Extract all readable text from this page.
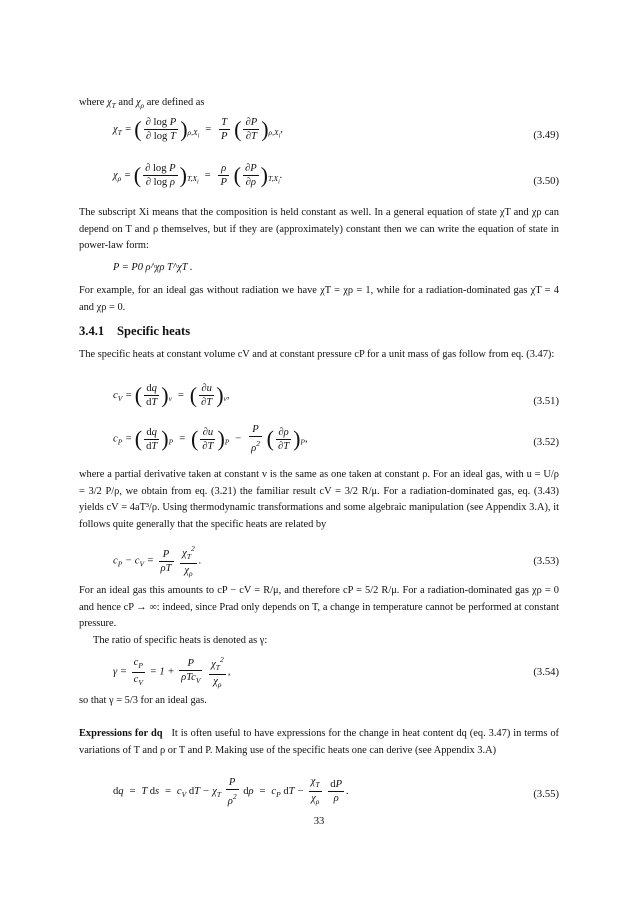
where $\chi_T$ and $\chi_\rho$ are defined as
$\chi_T$ = ( $\frac{\text{∂ log P}}{\text{∂ log T}} )_{\rho,X_i} = \frac{T}{P}$ ( $\frac{\partial P}{\partial T} )_{\rho,X_i}$,
(3.49)
$\chi_\rho$ = ( $\frac{\text{∂ log P}}{\text{∂ log ρ}} )_{T,X_i} = \frac{\rho}{P}$ ( $\frac{\partial P}{\partial\rho} )_{T,X_i}$.
(3.50)
The subscript Xi means that the composition is held constant as well. In a general equation of state χT and χρ can depend on T and ρ themselves, but if they are (approximately) constant then we can write the equation of state in power-law form:
P = P0 ρ^χρ T^χT .
For example, for an ideal gas without radiation we have χT = χρ = 1, while for a radiation-dominated gas χT = 4 and χρ = 0.
3.4.1 Specific heats
The specific heats at constant volume cV and at constant pressure cP for a unit mass of gas follow from eq. (3.47):
$c_V$ = ( $\frac{dq}{dT} )_v$  =  ( $\frac{\partial u}{\partial T} )_v$,
(3.51)
$c_P$ = ( $\frac{dq}{dT} )_P$  =  ( $\frac{\partial u}{\partial T} )_P - \frac{P}{\rho^2}$ ( $\frac{\partial\rho}{\partial T} )_P$,	(3.52)
where a partial derivative taken at constant v is the same as one taken at constant ρ. For an ideal gas, with u = U/ρ = 3/2 P/ρ, we obtain from eq. (3.21) the familiar result cV = 3/2 R/μ. For a radiation-dominated gas, eq. (3.43) yields cV = 4aT³/ρ. Using thermodynamic transformations and some algebraic manipulation (see Appendix 3.A), it follows quite generally that the specific heats are related by
$c_P - c_V = \frac{P}{\rho T}$
$\frac{\chi_T^2}{\chi_\rho}$ .	(3.53)
For an ideal gas this amounts to cP − cV = R/μ, and therefore cP = 5/2 R/μ. For a radiation-dominated gas χρ = 0 and hence cP → ∞: indeed, since Prad only depends on T, a change in temperature cannot be performed at constant pressure.
The ratio of specific heats is denoted as γ:
$\gamma = \frac{c_P}{c_V} = 1 + \frac{P}{\rho Tc_V}$
$\frac{\chi_T^2}{\chi_\rho}$ ,	(3.54)
so that γ = 5/3 for an ideal gas.
Expressions for dq It is often useful to have expressions for the change in heat content dq (eq. 3.47) in terms of variations of T and ρ or T and P. Making use of the specific heats one can derive (see Appendix 3.A)
dq  =  T ds  =  $c_V$ dT − $\chi_T \frac{P}{\rho^2}$ $d\rho = c_P$ dT − $\frac{\chi_T}{\chi_\rho}$
$\frac{dP}{\rho}$ .	(3.55)
33
